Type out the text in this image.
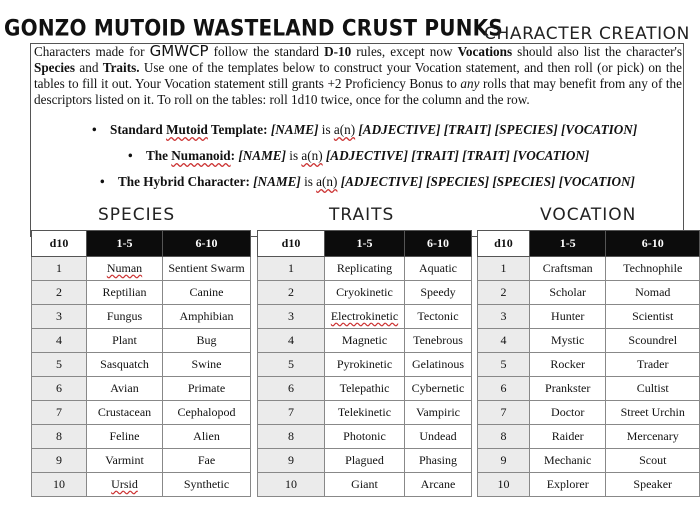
GONZO MUTOID WASTELAND CRUST PUNKS
CHARACTER CREATION
Characters made for GMWCP follow the standard D-10 rules, except now Vocations should also list the character's Species and Traits. Use one of the templates below to construct your Vocation statement, and then roll (or pick) on the tables to fill it out. Your Vocation statement still grants +2 Proficiency Bonus to any rolls that may benefit from any of the descriptors listed on it. To roll on the tables: roll 1d10 twice, once for the column and the row.
• Standard Mutoid Template: [NAME] is a(n) [ADJECTIVE] [TRAIT] [SPECIES] [VOCATION]
• The Numanoid: [NAME] is a(n) [ADJECTIVE] [TRAIT] [TRAIT] [VOCATION]
• The Hybrid Character: [NAME] is a(n) [ADJECTIVE] [SPECIES] [SPECIES] [VOCATION]
SPECIES	TRAITS	VOCATION
d10	1-5	6-10
1	Numan	Sentient Swarm
2	Reptilian	Canine
3	Fungus	Amphibian
4	Plant	Bug
5	Sasquatch	Swine
6	Avian	Primate
7	Crustacean	Cephalopod
8	Feline	Alien
9	Varmint	Fae
10	Ursid	Synthetic
d10	1-5	6-10
1	Replicating	Aquatic
2	Cryokinetic	Speedy
3	Electrokinetic	Tectonic
4	Magnetic	Tenebrous
5	Pyrokinetic	Gelatinous
6	Telepathic	Cybernetic
7	Telekinetic	Vampiric
8	Photonic	Undead
9	Plagued	Phasing
10	Giant	Arcane
d10	1-5	6-10
1	Craftsman	Technophile
2	Scholar	Nomad
3	Hunter	Scientist
4	Mystic	Scoundrel
5	Rocker	Trader
6	Prankster	Cultist
7	Doctor	Street Urchin
8	Raider	Mercenary
9	Mechanic	Scout
10	Explorer	Speaker
